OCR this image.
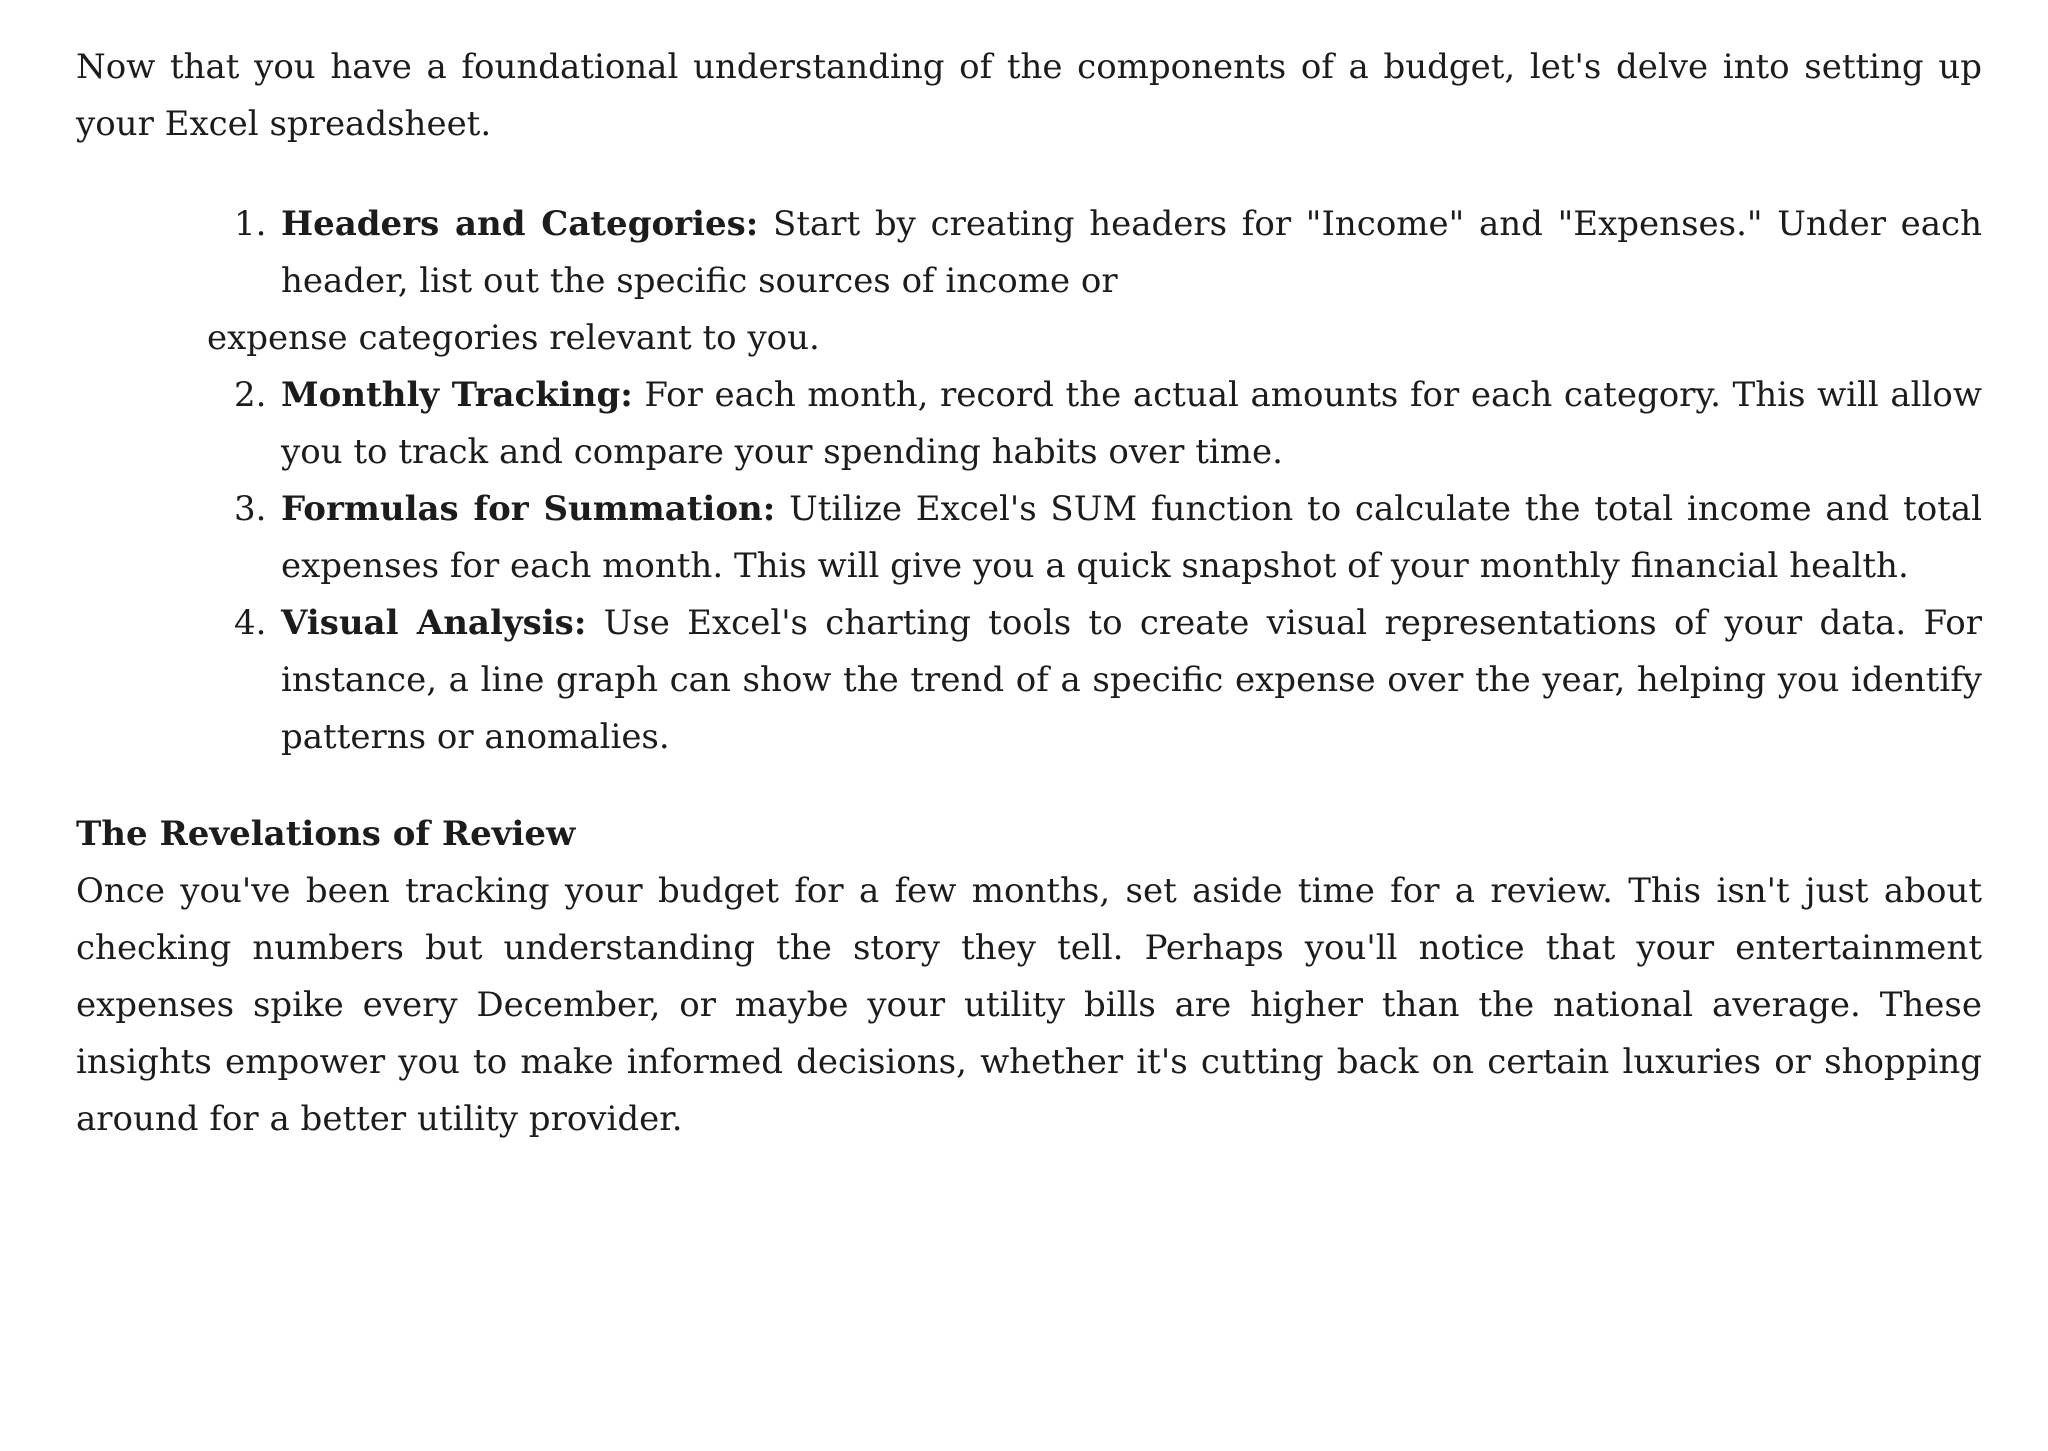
Now that you have a foundational understanding of the components of a budget, let's delve into setting up your Excel spreadsheet.

1. Headers and Categories: Start by creating headers for "Income" and "Expenses." Under each header, list out the specific sources of income or
expense categories relevant to you.
2. Monthly Tracking: For each month, record the actual amounts for each category. This will allow you to track and compare your spending habits over time.
3. Formulas for Summation: Utilize Excel's SUM function to calculate the total income and total expenses for each month. This will give you a quick snapshot of your monthly financial health.
4. Visual Analysis: Use Excel's charting tools to create visual representations of your data. For instance, a line graph can show the trend of a specific expense over the year, helping you identify patterns or anomalies.
The Revelations of Review

Once you've been tracking your budget for a few months, set aside time for a review. This isn't just about checking numbers but understanding the story they tell. Perhaps you'll notice that your entertainment expenses spike every December, or maybe your utility bills are higher than the national average. These insights empower you to make informed decisions, whether it's cutting back on certain luxuries or shopping around for a better utility provider.
